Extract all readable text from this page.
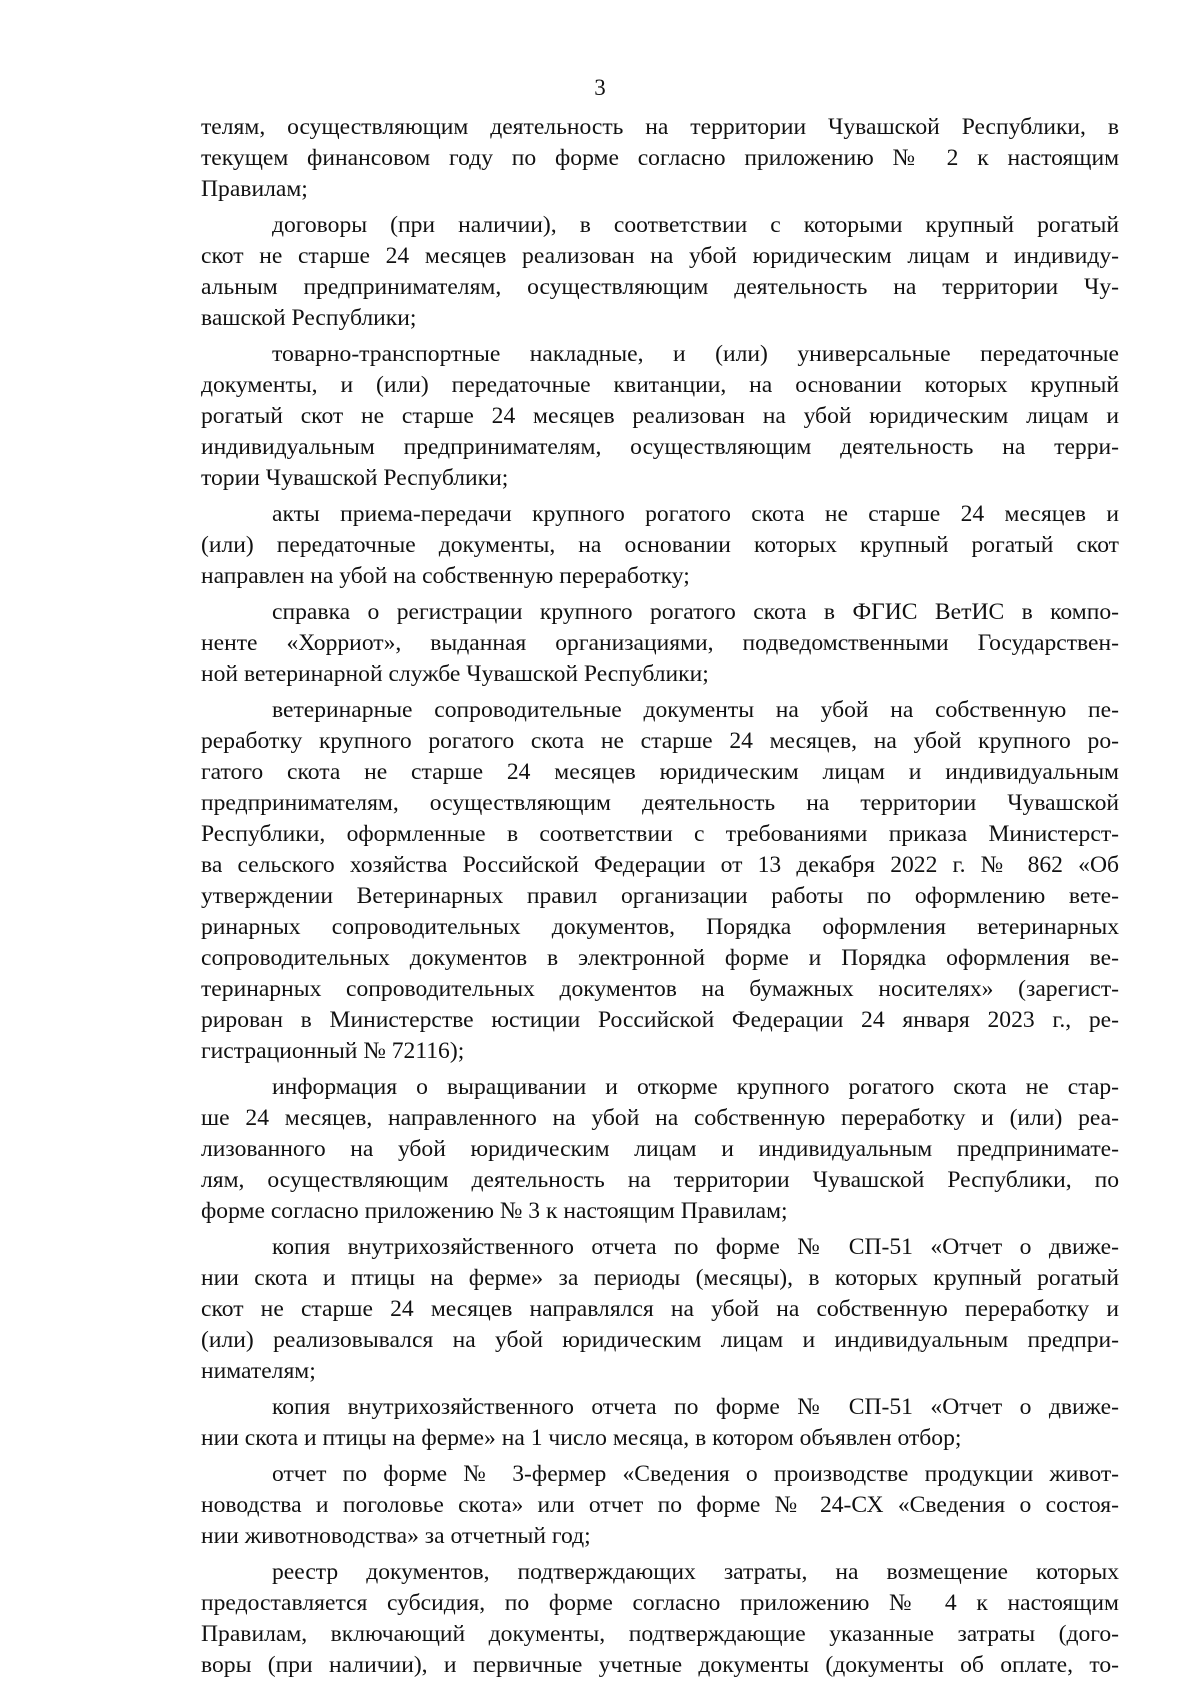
3
телям, осуществляющим деятельность на территории Чувашской Республики, в
текущем финансовом году по форме согласно приложению № 2 к настоящим
Правилам;
договоры (при наличии), в соответствии с которыми крупный рогатый
скот не старше 24 месяцев реализован на убой юридическим лицам и индивиду-
альным предпринимателям, осуществляющим деятельность на территории Чу-
вашской Республики;
товарно-транспортные накладные, и (или) универсальные передаточные
документы, и (или) передаточные квитанции, на основании которых крупный
рогатый скот не старше 24 месяцев реализован на убой юридическим лицам и
индивидуальным предпринимателям, осуществляющим деятельность на терри-
тории Чувашской Республики;
акты приема-передачи крупного рогатого скота не старше 24 месяцев и
(или) передаточные документы, на основании которых крупный рогатый скот
направлен на убой на собственную переработку;
справка о регистрации крупного рогатого скота в ФГИС ВетИС в компо-
ненте «Хорриот», выданная организациями, подведомственными Государствен-
ной ветеринарной службе Чувашской Республики;
ветеринарные сопроводительные документы на убой на собственную пе-
реработку крупного рогатого скота не старше 24 месяцев, на убой крупного ро-
гатого скота не старше 24 месяцев юридическим лицам и индивидуальным
предпринимателям, осуществляющим деятельность на территории Чувашской
Республики, оформленные в соответствии с требованиями приказа Министерст-
ва сельского хозяйства Российской Федерации от 13 декабря 2022 г. № 862 «Об
утверждении Ветеринарных правил организации работы по оформлению вете-
ринарных сопроводительных документов, Порядка оформления ветеринарных
сопроводительных документов в электронной форме и Порядка оформления ве-
теринарных сопроводительных документов на бумажных носителях» (зарегист-
рирован в Министерстве юстиции Российской Федерации 24 января 2023 г., ре-
гистрационный № 72116);
информация о выращивании и откорме крупного рогатого скота не стар-
ше 24 месяцев, направленного на убой на собственную переработку и (или) реа-
лизованного на убой юридическим лицам и индивидуальным предпринимате-
лям, осуществляющим деятельность на территории Чувашской Республики, по
форме согласно приложению № 3 к настоящим Правилам;
копия внутрихозяйственного отчета по форме № СП-51 «Отчет о движе-
нии скота и птицы на ферме» за периоды (месяцы), в которых крупный рогатый
скот не старше 24 месяцев направлялся на убой на собственную переработку и
(или) реализовывался на убой юридическим лицам и индивидуальным предпри-
нимателям;
копия внутрихозяйственного отчета по форме № СП-51 «Отчет о движе-
нии скота и птицы на ферме» на 1 число месяца, в котором объявлен отбор;
отчет по форме № 3-фермер «Сведения о производстве продукции живот-
новодства и поголовье скота» или отчет по форме № 24-СХ «Сведения о состоя-
нии животноводства» за отчетный год;
реестр документов, подтверждающих затраты, на возмещение которых
предоставляется субсидия, по форме согласно приложению № 4 к настоящим
Правилам, включающий документы, подтверждающие указанные затраты (дого-
воры (при наличии), и первичные учетные документы (документы об оплате, то-
